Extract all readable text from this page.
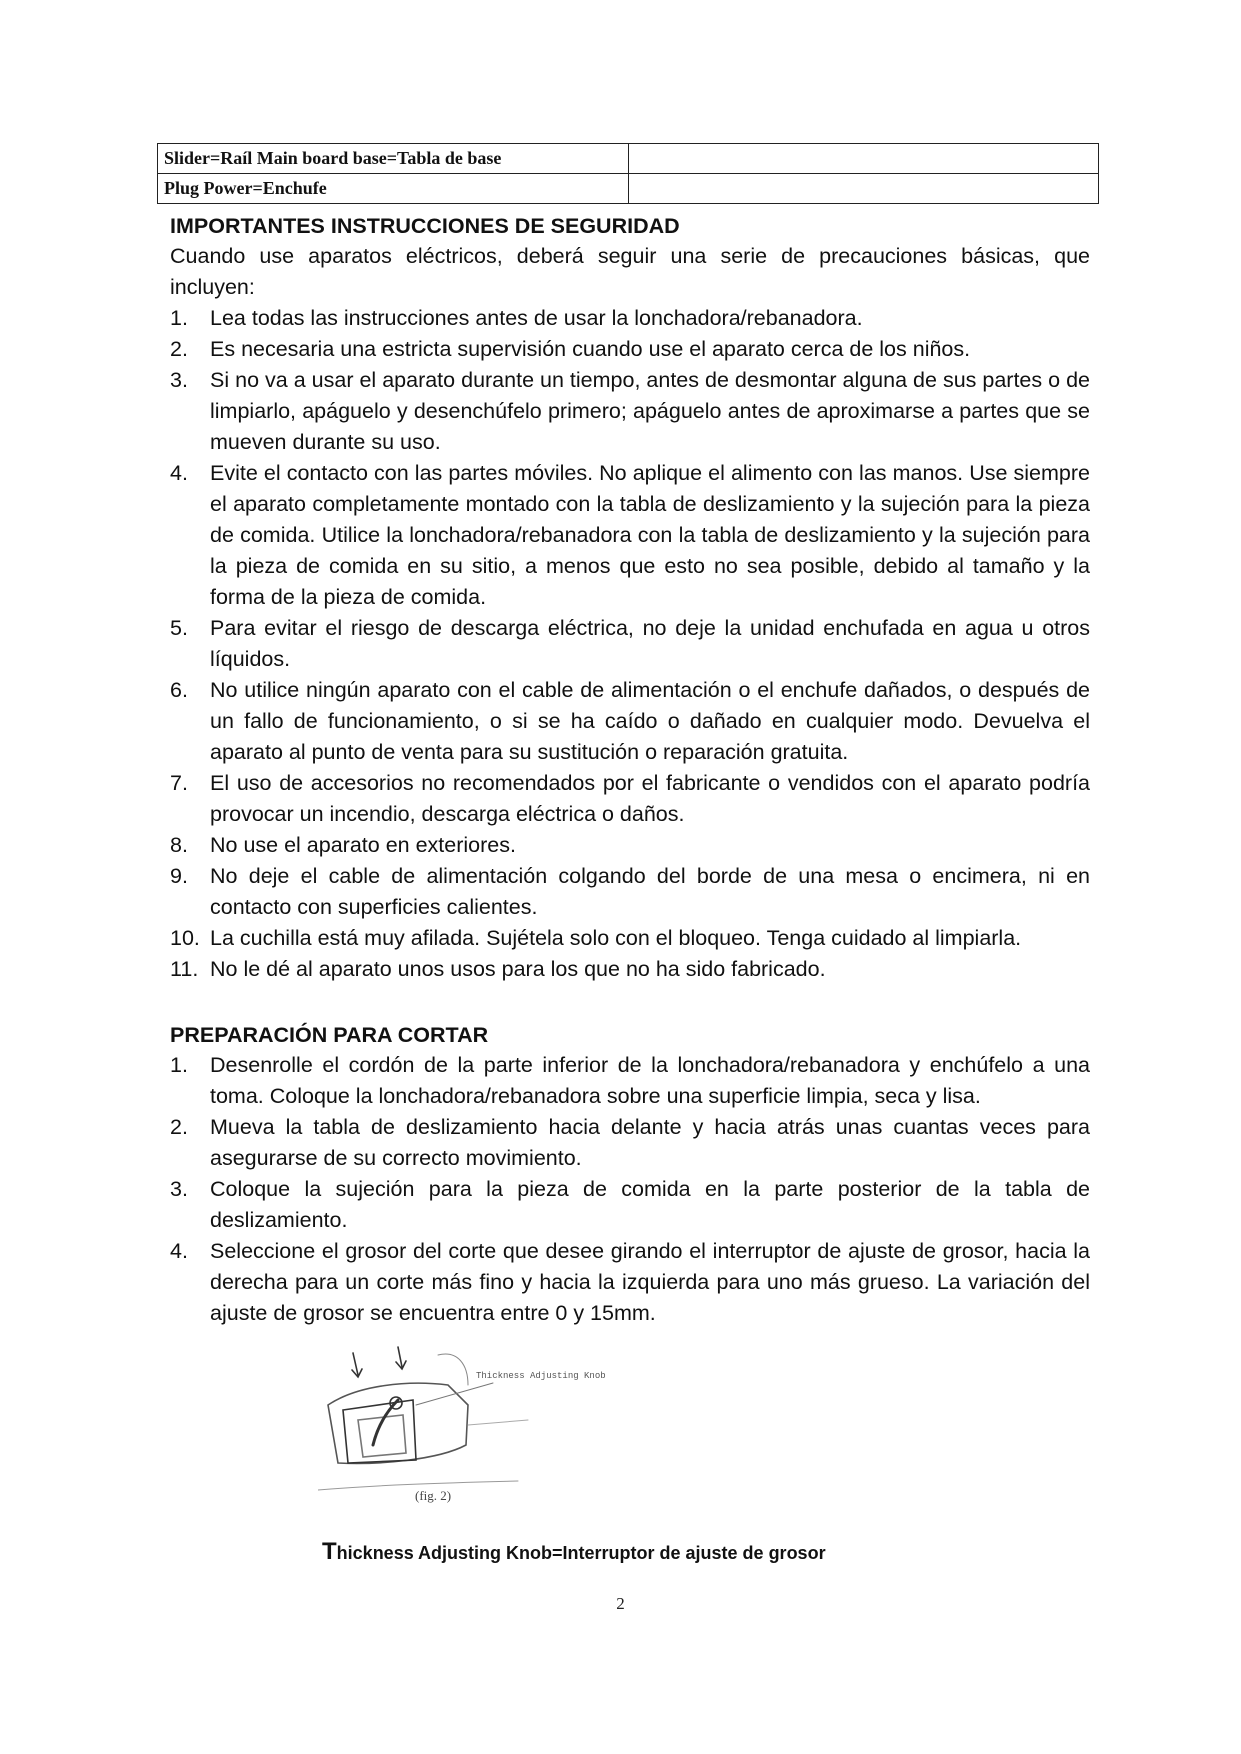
Slider=Raíl Main board base=Tabla de base	
Plug Power=Enchufe	
IMPORTANTES INSTRUCCIONES DE SEGURIDAD
Cuando use aparatos eléctricos, deberá seguir una serie de precauciones básicas, que incluyen:
1. Lea todas las instrucciones antes de usar la lonchadora/rebanadora.
2. Es necesaria una estricta supervisión cuando use el aparato cerca de los niños.
3. Si no va a usar el aparato durante un tiempo, antes de desmontar alguna de sus partes o de limpiarlo, apáguelo y desenchúfelo primero; apáguelo antes de aproximarse a partes que se mueven durante su uso.
4. Evite el contacto con las partes móviles. No aplique el alimento con las manos. Use siempre el aparato completamente montado con la tabla de deslizamiento y la sujeción para la pieza de comida. Utilice la lonchadora/rebanadora con la tabla de deslizamiento y la sujeción para la pieza de comida en su sitio, a menos que esto no sea posible, debido al tamaño y la forma de la pieza de comida.
5. Para evitar el riesgo de descarga eléctrica, no deje la unidad enchufada en agua u otros líquidos.
6. No utilice ningún aparato con el cable de alimentación o el enchufe dañados, o después de un fallo de funcionamiento, o si se ha caído o dañado en cualquier modo. Devuelva el aparato al punto de venta para su sustitución o reparación gratuita.
7. El uso de accesorios no recomendados por el fabricante o vendidos con el aparato podría provocar un incendio, descarga eléctrica o daños.
8. No use el aparato en exteriores.
9. No deje el cable de alimentación colgando del borde de una mesa o encimera, ni en contacto con superficies calientes.
10. La cuchilla está muy afilada. Sujétela solo con el bloqueo. Tenga cuidado al limpiarla.
11. No le dé al aparato unos usos para los que no ha sido fabricado.
PREPARACIÓN PARA CORTAR
1. Desenrolle el cordón de la parte inferior de la lonchadora/rebanadora y enchúfelo a una toma. Coloque la lonchadora/rebanadora sobre una superficie limpia, seca y lisa.
2. Mueva la tabla de deslizamiento hacia delante y hacia atrás unas cuantas veces para asegurarse de su correcto movimiento.
3. Coloque la sujeción para la pieza de comida en la parte posterior de la tabla de deslizamiento.
4. Seleccione el grosor del corte que desee girando el interruptor de ajuste de grosor, hacia la derecha para un corte más fino y hacia la izquierda para uno más grueso. La variación del ajuste de grosor se encuentra entre 0 y 15mm.
Thickness Adjusting Knob
(fig. 2)
Thickness Adjusting Knob=Interruptor de ajuste de grosor
2
